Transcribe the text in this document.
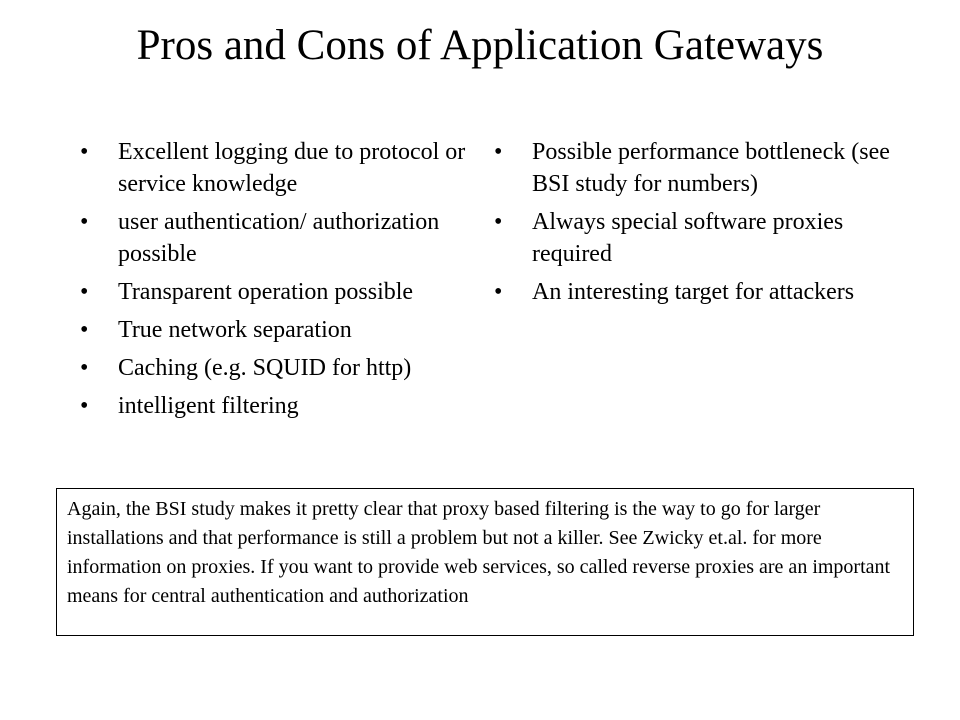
Pros and Cons of Application Gateways
•	Excellent logging due to protocol or service knowledge
•	user authentication/ authorization possible
•	Transparent operation possible
•	True network separation
•	Caching (e.g. SQUID for http)
•	intelligent filtering
•	Possible performance bottleneck (see BSI study for numbers)
•	Always special software proxies required
•	An interesting target for attackers
Again, the BSI study makes it pretty clear that proxy based filtering is the way to go for larger installations and that performance is still a problem but not a killer. See Zwicky et.al. for more information on proxies. If you want to provide web services, so called reverse proxies are an important means for central authentication and authorization
